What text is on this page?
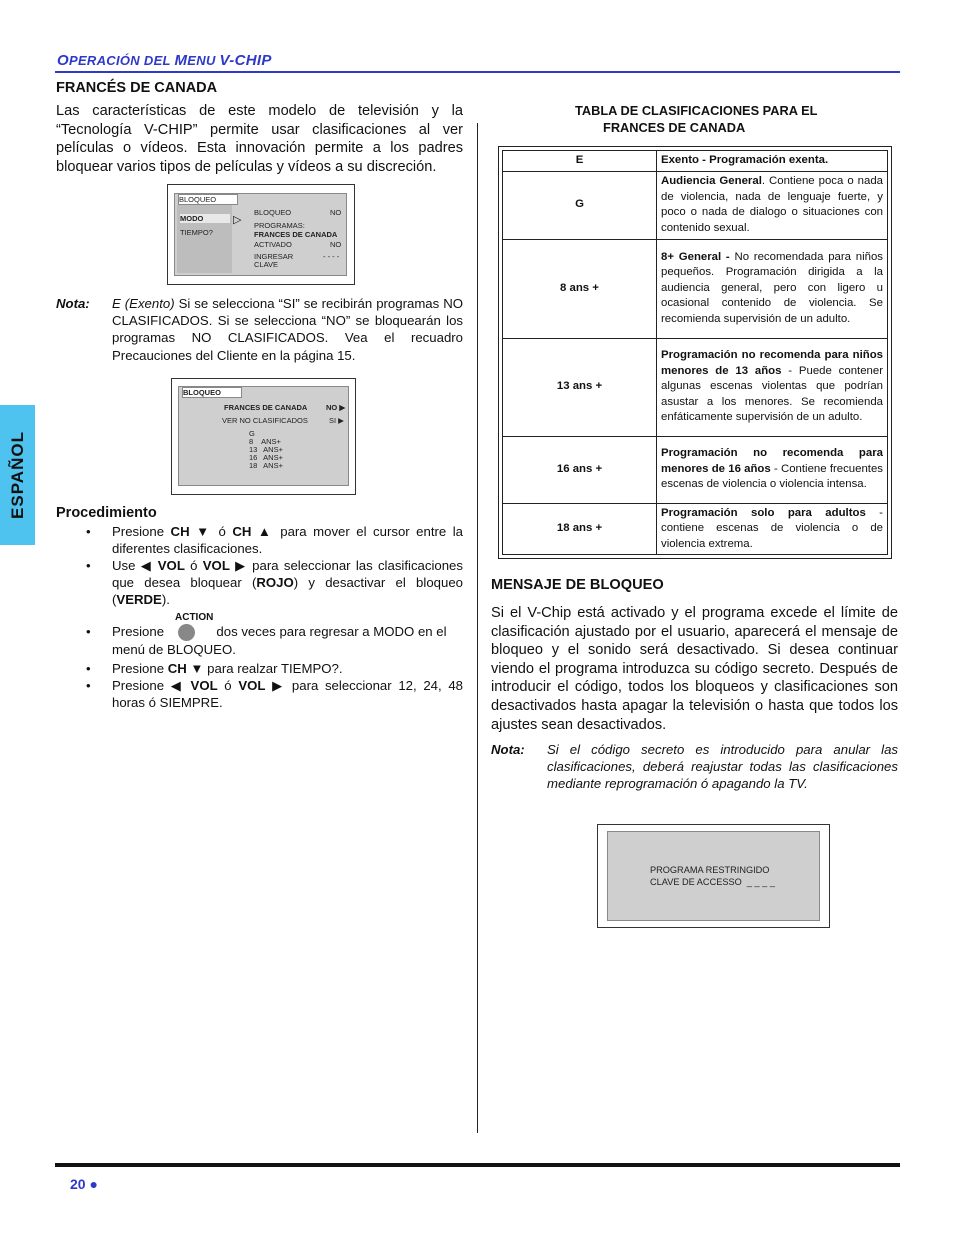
OPERACIÓN DEL MENU V-CHIP
ESPAÑOL
FRANCÉS DE CANADA
Las características de este modelo de televisión y la “Tecnología V-CHIP” permite usar clasificaciones al ver películas o vídeos. Esta innovación permite a los padres bloquear varios tipos de películas y vídeos a su discreción.
BLOQUEO
MODO	▷
TIEMPO?
BLOQUEO	NO
PROGRAMAS:
FRANCES DE CANADA
ACTIVADO	NO
INGRESAR	- - - -
CLAVE
Nota: E (Exento) Si se selecciona “SI” se recibirán programas NO CLASIFICADOS. Si se selecciona “NO” se bloquearán los programas NO CLASIFICADOS. Vea el recuadro Precauciones del Cliente en la página 15.
BLOQUEO
FRANCES DE CANADA NO ▶
VER NO CLASIFICADOS	SI ▶
G
8    ANS+
13   ANS+
16   ANS+
18   ANS+
Procedimiento
• Presione CH ▼ ó CH ▲ para mover el cursor entre la diferentes clasificaciones.
• Use ◀ VOL ó VOL ▶ para seleccionar las clasificaciones que desea bloquear (ROJO) y desactivar el bloqueo (VERDE).
ACTION
• Presione	dos veces para regresar a MODO en el menú de BLOQUEO.
• Presione CH ▼ para realzar TIEMPO?.
• Presione ◀ VOL ó VOL ▶ para seleccionar 12, 24, 48 horas ó SIEMPRE.
TABLA DE CLASIFICACIONES PARA EL
FRANCES DE CANADA
E	Exento - Programación exenta.
G	Audiencia General. Contiene poca o nada de violencia, nada de lenguaje fuerte, y poco o nada de dialogo o situaciones con contenido sexual.
8 ans +	8+ General - No recomendada para niños pequeños. Programación dirigida a la audiencia general, pero con ligero u ocasional contenido de violencia. Se recomienda supervisión de un adulto.
13 ans +	Programación no recomenda para niños menores de 13 años - Puede contener algunas escenas violentas que podrían asustar a los menores. Se recomienda enfáticamente supervisión de un adulto.
16 ans +	Programación no recomenda para menores de 16 años - Contiene frecuentes escenas de violencia o violencia intensa.
18 ans +	Programación solo para adultos - contiene escenas de violencia o de violencia extrema.
MENSAJE DE BLOQUEO
Si el V-Chip está activado y el programa excede el límite de clasificación ajustado por el usuario, aparecerá el mensaje de bloqueo y el sonido será desactivado. Si desea continuar viendo el programa introduzca su código secreto. Después de introducir el código, todos los bloqueos y clasificaciones son desactivados hasta apagar la televisión o hasta que todos los ajustes sean desactivados.
Nota: Si el código secreto es introducido para anular las clasificaciones, deberá reajustar todas las clasificaciones mediante reprogramación ó apagando la TV.
PROGRAMA RESTRINGIDO
CLAVE DE ACCESSO _ _ _ _
20 ●
